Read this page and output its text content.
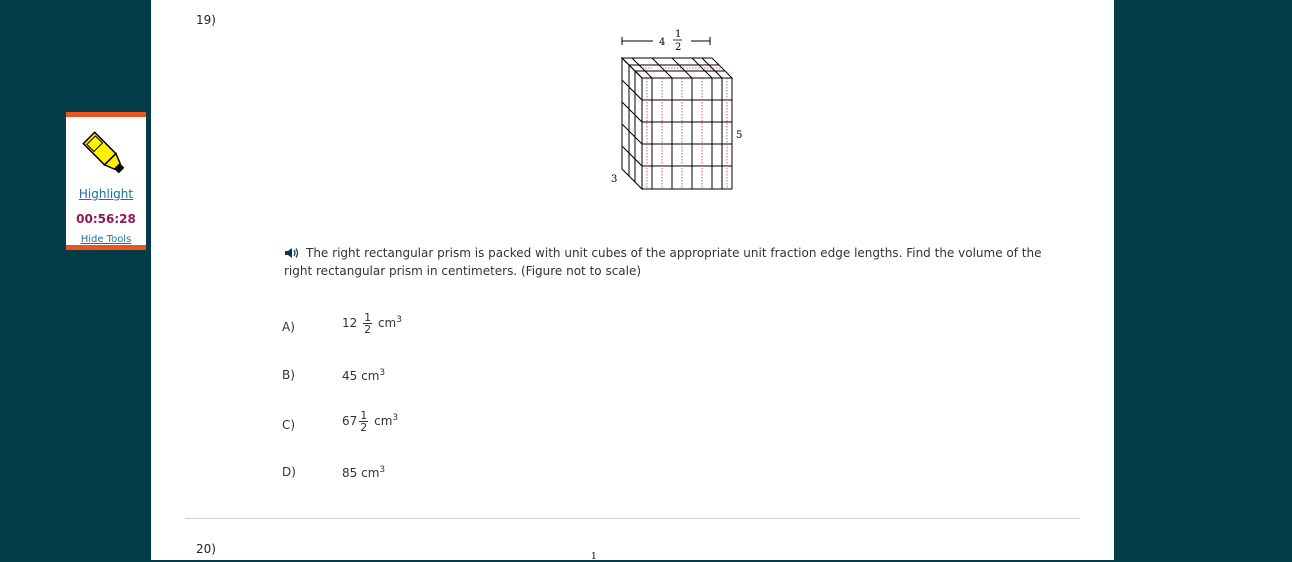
19)
4
1
2
5
3
The right rectangular prism is packed with unit cubes of the appropriate unit fraction edge lengths. Find the volume of the right rectangular prism in centimeters. (Figure not to scale)
A)	$12 \frac{1}{2} cm^3$
B)	45 $cm^3$
C)	$67 \frac{1}{2} cm^3$
D)	85 $cm^3$
20)
1
Highlight
00:56:28
Hide Tools
